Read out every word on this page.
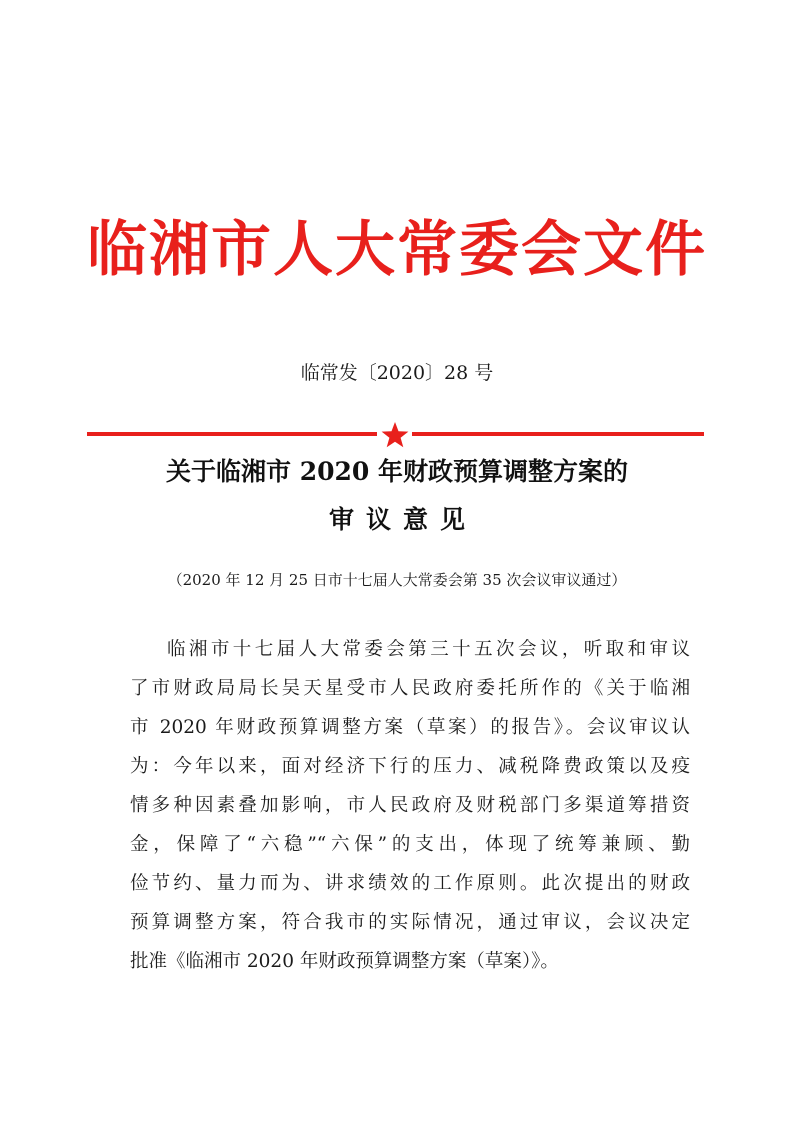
临湘市人大常委会文件
临常发〔2020〕28 号
关于临湘市 2020 年财政预算调整方案的
审议意见
（2020 年 12 月 25 日市十七届人大常委会第 35 次会议审议通过）
临湘市十七届人大常委会第三十五次会议，听取和审议
了市财政局局长吴天星受市人民政府委托所作的《关于临湘
市 2020 年财政预算调整方案（草案）的报告》。会议审议认
为：今年以来，面对经济下行的压力、减税降费政策以及疫
情多种因素叠加影响，市人民政府及财税部门多渠道筹措资
金，保障了“六稳”“六保”的支出，体现了统筹兼顾、勤
俭节约、量力而为、讲求绩效的工作原则。此次提出的财政
预算调整方案，符合我市的实际情况，通过审议，会议决定
批准《临湘市 2020 年财政预算调整方案（草案）》。
